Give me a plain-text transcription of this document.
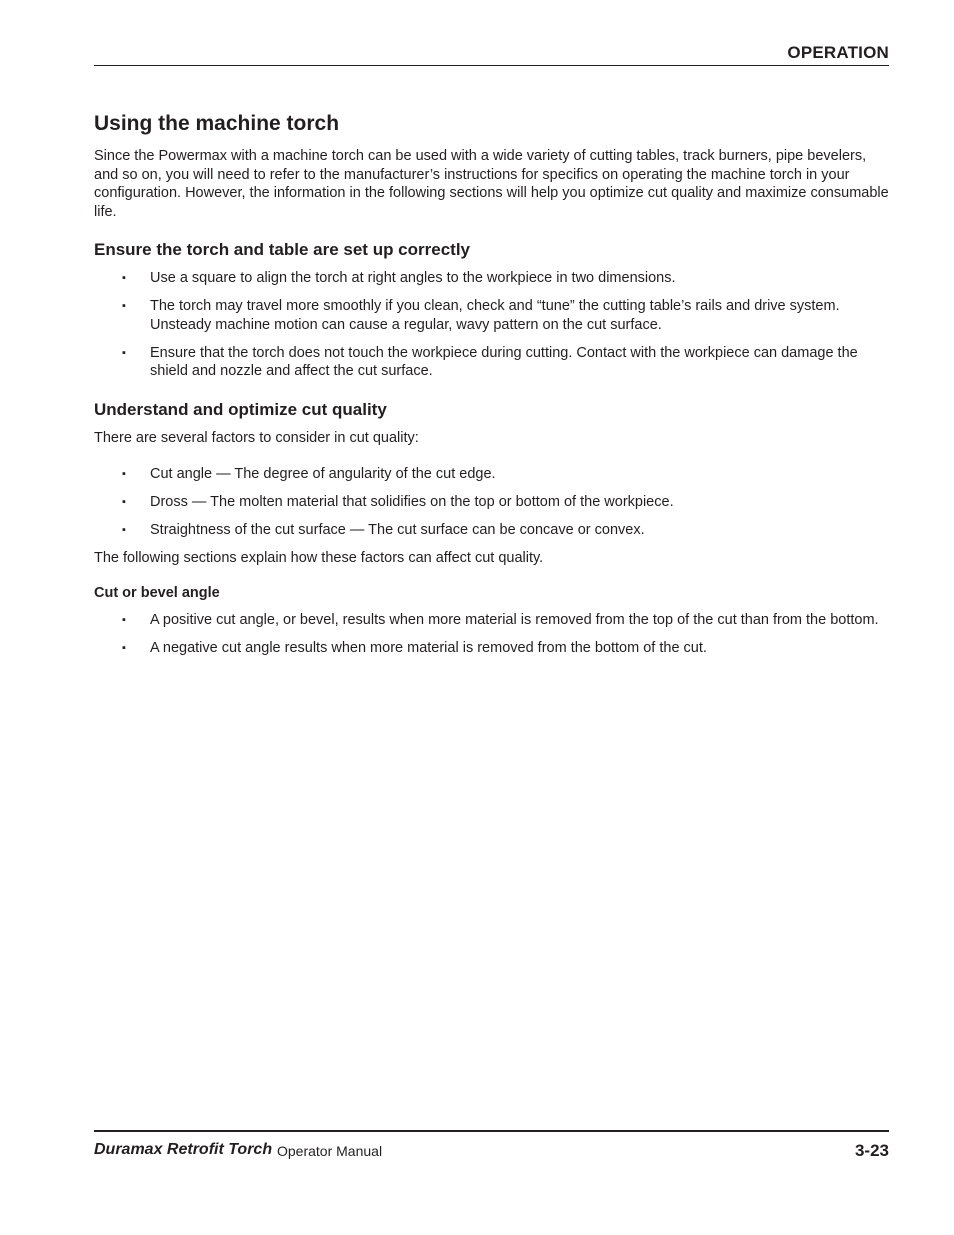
OPERATION
Using the machine torch

Since the Powermax with a machine torch can be used with a wide variety of cutting tables, track burners, pipe bevelers, and so on, you will need to refer to the manufacturer’s instructions for specifics on operating the machine torch in your configuration. However, the information in the following sections will help you optimize cut quality and maximize consumable life.

Ensure the torch and table are set up correctly
▪ Use a square to align the torch at right angles to the workpiece in two dimensions.
▪ The torch may travel more smoothly if you clean, check and “tune” the cutting table’s rails and drive system. Unsteady machine motion can cause a regular, wavy pattern on the cut surface.
▪ Ensure that the torch does not touch the workpiece during cutting. Contact with the workpiece can damage the shield and nozzle and affect the cut surface.
Understand and optimize cut quality

There are several factors to consider in cut quality:

▪ Cut angle — The degree of angularity of the cut edge.
▪ Dross — The molten material that solidifies on the top or bottom of the workpiece.
▪ Straightness of the cut surface — The cut surface can be concave or convex.

The following sections explain how these factors can affect cut quality.

Cut or bevel angle
▪ A positive cut angle, or bevel, results when more material is removed from the top of the cut than from the bottom.
▪ A negative cut angle results when more material is removed from the bottom of the cut.
Duramax Retrofit Torch Operator Manual	3-23
